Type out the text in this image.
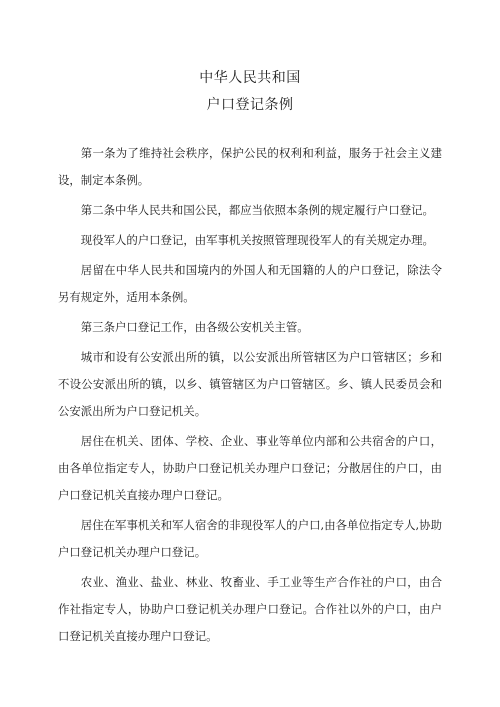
中华人民共和国
户口登记条例

第一条为了维持社会秩序，保护公民的权利和利益，服务于社会主义建设，制定本条例。

第二条中华人民共和国公民，都应当依照本条例的规定履行户口登记。

现役军人的户口登记，由军事机关按照管理现役军人的有关规定办理。

居留在中华人民共和国境内的外国人和无国籍的人的户口登记，除法令另有规定外，适用本条例。

第三条户口登记工作，由各级公安机关主管。

城市和设有公安派出所的镇，以公安派出所管辖区为户口管辖区；乡和不设公安派出所的镇，以乡、镇管辖区为户口管辖区。乡、镇人民委员会和公安派出所为户口登记机关。

居住在机关、团体、学校、企业、事业等单位内部和公共宿舍的户口，由各单位指定专人，协助户口登记机关办理户口登记；分散居住的户口，由户口登记机关直接办理户口登记。

居住在军事机关和军人宿舍的非现役军人的户口,由各单位指定专人,协助户口登记机关办理户口登记。

农业、渔业、盐业、林业、牧畜业、手工业等生产合作社的户口，由合作社指定专人，协助户口登记机关办理户口登记。合作社以外的户口，由户口登记机关直接办理户口登记。
